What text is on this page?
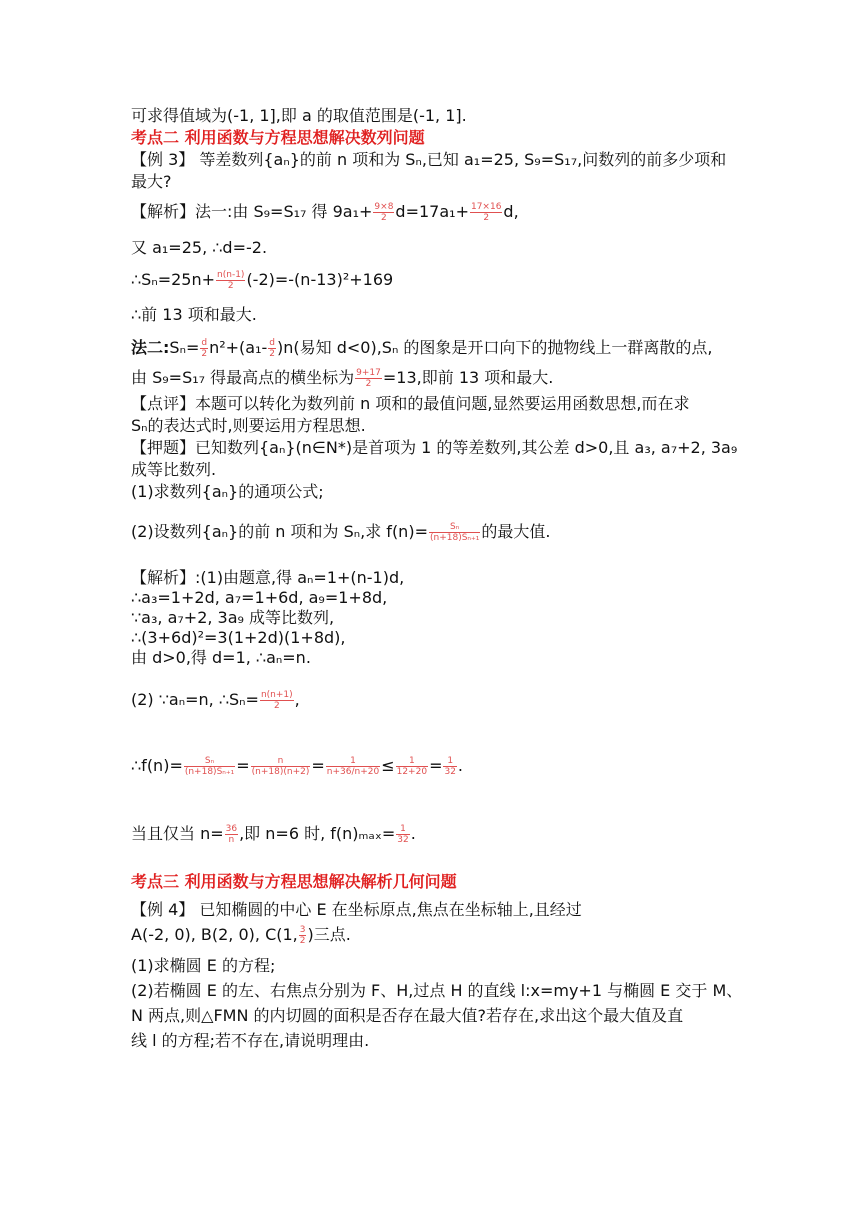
可求得值域为(-1, 1],即 a 的取值范围是(-1, 1].
考点二 利用函数与方程思想解决数列问题
【例 3】 等差数列{aₙ}的前 n 项和为 Sₙ,已知 a₁=25, S₉=S₁₇,问数列的前多少项和
最大?
【解析】法一:由 S₉=S₁₇ 得 $9a_1+ \frac{9\times 8}{2} d=17a_1+ \frac{17\times 16}{2} d$,
又 a₁=25, ∴d=-2.
∴Sₙ=25n+ $\frac{n(n-1)}{2} (-2)=-(n-13)^2+169$
∴前 13 项和最大.
法二:Sₙ= $\frac{d}{2} n^2+(a_1- \frac{d}{2} )n$(易知 d<0),Sₙ 的图象是开口向下的抛物线上一群离散的点,
由 S₉=S₁₇ 得最高点的横坐标为 $\frac{9+17}{2} =13$,即前 13 项和最大.
【点评】本题可以转化为数列前 n 项和的最值问题,显然要运用函数思想,而在求
Sₙ的表达式时,则要运用方程思想.
【押题】已知数列{aₙ}(n∈N*)是首项为 1 的等差数列,其公差 d>0,且 a₃, a₇+2, 3a₉
成等比数列.
(1)求数列{aₙ}的通项公式;
(2)设数列{aₙ}的前 n 项和为 Sₙ,求 $f(n)= \frac{\text{Sₙ}}{\text{(n+18)Sₙ₊₁}}$ 的最大值.
【解析】:(1)由题意,得 aₙ=1+(n-1)d,
∴a₃=1+2d, a₇=1+6d, a₉=1+8d,
∵a₃, a₇+2, 3a₉ 成等比数列,
∴(3+6d)²=3(1+2d)(1+8d),
由 d>0,得 d=1, ∴aₙ=n.
(2) ∵aₙ=n, ∴Sₙ= $\frac{n(n+1)}{2}$ ,
∴f(n)= $\frac{\text{Sₙ}}{\text{(n+18)Sₙ₊₁}} = \frac{n}{(n+18)(n+2)} = \frac{1}{n+36/n+20} \le \frac{1}{12+20} = \frac{1}{32}$ .
当且仅当 $n= \frac{36}{n}$ ,即 n=6 时, $f(n)_{max}= \frac{1}{32}$ .
考点三 利用函数与方程思想解决解析几何问题
【例 4】 已知椭圆的中心 E 在坐标原点,焦点在坐标轴上,且经过
A(-2, 0), B(2, 0), C(1, $\frac{3}{2}$ )三点.
(1)求椭圆 E 的方程;
(2)若椭圆 E 的左、右焦点分别为 F、H,过点 H 的直线 l:x=my+1 与椭圆 E 交于 M、
N 两点,则△FMN 的内切圆的面积是否存在最大值?若存在,求出这个最大值及直
线 l 的方程;若不存在,请说明理由.
